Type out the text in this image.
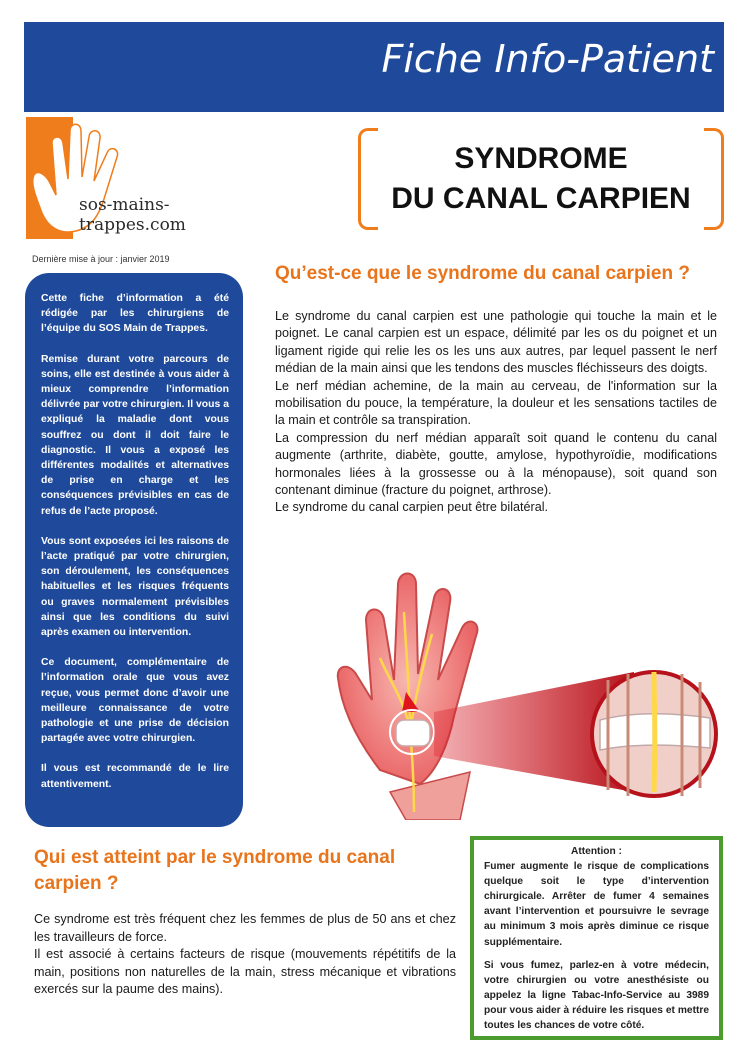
Fiche Info-Patient
www.sos-mains-trappes.com
sos-mains-trappes.com
SYNDROME
DU CANAL CARPIEN
Dernière mise à jour : janvier 2019

Cette fiche d’information a été rédigée par les chirurgiens de l’équipe du SOS Main de Trappes.

Remise durant votre parcours de soins, elle est destinée à vous aider à mieux comprendre l’information délivrée par votre chirurgien. Il vous a expliqué la maladie dont vous souffrez ou dont il doit faire le diagnostic. Il vous a exposé les différentes modalités et alternatives de prise en charge et les conséquences prévisibles en cas de refus de l’acte proposé.

Vous sont exposées ici les raisons de l’acte pratiqué par votre chirurgien, son déroulement, les conséquences habituelles et les risques fréquents ou graves normalement prévisibles ainsi que les conditions du suivi après examen ou intervention.

Ce document, complémentaire de l’information orale que vous avez reçue, vous permet donc d’avoir une meilleure connaissance de votre pathologie et une prise de décision partagée avec votre chirurgien.

Il vous est recommandé de le lire attentivement.

Qu’est-ce que le syndrome du canal carpien ?
Le syndrome du canal carpien est une pathologie qui touche la main et le poignet. Le canal carpien est un espace, délimité par les os du poignet et un ligament rigide qui relie les os les uns aux autres, par lequel passent le nerf médian de la main ainsi que les tendons des muscles fléchisseurs des doigts.
Le nerf médian achemine, de la main au cerveau, de l'information sur la mobilisation du pouce, la température, la douleur et les sensations tactiles de la main et contrôle sa transpiration.
La compression du nerf médian apparaît soit quand le contenu du canal augmente (arthrite, diabète, goutte, amylose, hypothyroïdie, modifications hormonales liées à la grossesse ou à la ménopause), soit quand son contenant diminue (fracture du poignet, arthrose).
Le syndrome du canal carpien peut être bilatéral.
Qui est atteint par le syndrome du canal carpien ?
Ce syndrome est très fréquent chez les femmes de plus de 50 ans et chez les travailleurs de force.
Il est associé à certains facteurs de risque (mouvements répétitifs de la main, positions non naturelles de la main, stress mécanique et vibrations exercés sur la paume des mains).
Attention :

Fumer augmente le risque de complications quelque soit le type d’intervention chirurgicale. Arrêter de fumer 4 semaines avant l’intervention et poursuivre le sevrage au minimum 3 mois après diminue ce risque supplémentaire.

Si vous fumez, parlez-en à votre médecin, votre chirurgien ou votre anesthésiste ou appelez la ligne Tabac-Info-Service au 3989 pour vous aider à réduire les risques et mettre toutes les chances de votre côté.
